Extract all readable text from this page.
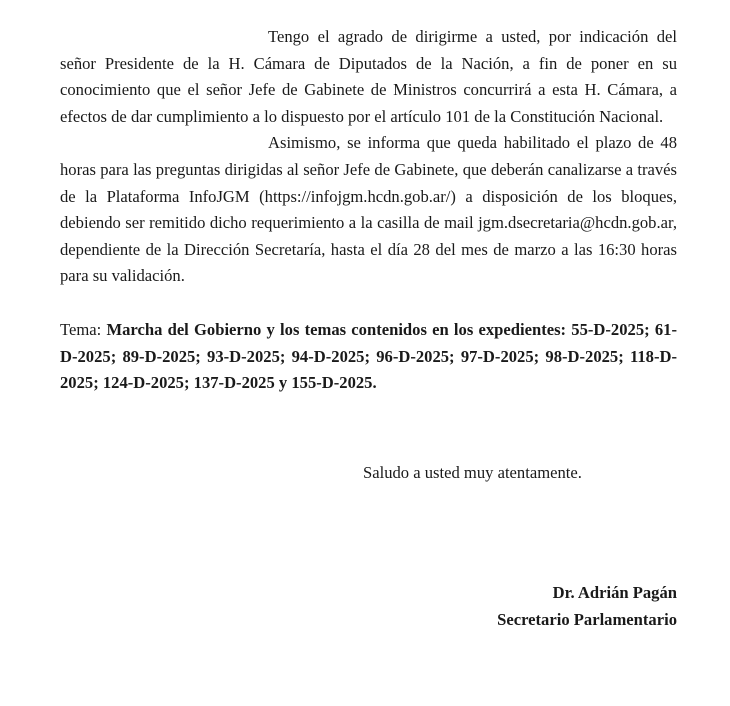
Tengo el agrado de dirigirme a usted, por indicación del señor Presidente de la H. Cámara de Diputados de la Nación, a fin de poner en su conocimiento que el señor Jefe de Gabinete de Ministros concurrirá a esta H. Cámara, a efectos de dar cumplimiento a lo dispuesto por el artículo 101 de la Constitución Nacional.

Asimismo, se informa que queda habilitado el plazo de 48 horas para las preguntas dirigidas al señor Jefe de Gabinete, que deberán canalizarse a través de la Plataforma InfoJGM (https://infojgm.hcdn.gob.ar/) a disposición de los bloques, debiendo ser remitido dicho requerimiento a la casilla de mail jgm.dsecretaria@hcdn.gob.ar, dependiente de la Dirección Secretaría, hasta el día 28 del mes de marzo a las 16:30 horas para su validación.

Tema: Marcha del Gobierno y los temas contenidos en los expedientes: 55-D-2025; 61-D-2025; 89-D-2025; 93-D-2025; 94-D-2025; 96-D-2025; 97-D-2025; 98-D-2025; 118-D-2025; 124-D-2025; 137-D-2025 y 155-D-2025.

Saludo a usted muy atentamente.
Dr. Adrián Pagán
Secretario Parlamentario
